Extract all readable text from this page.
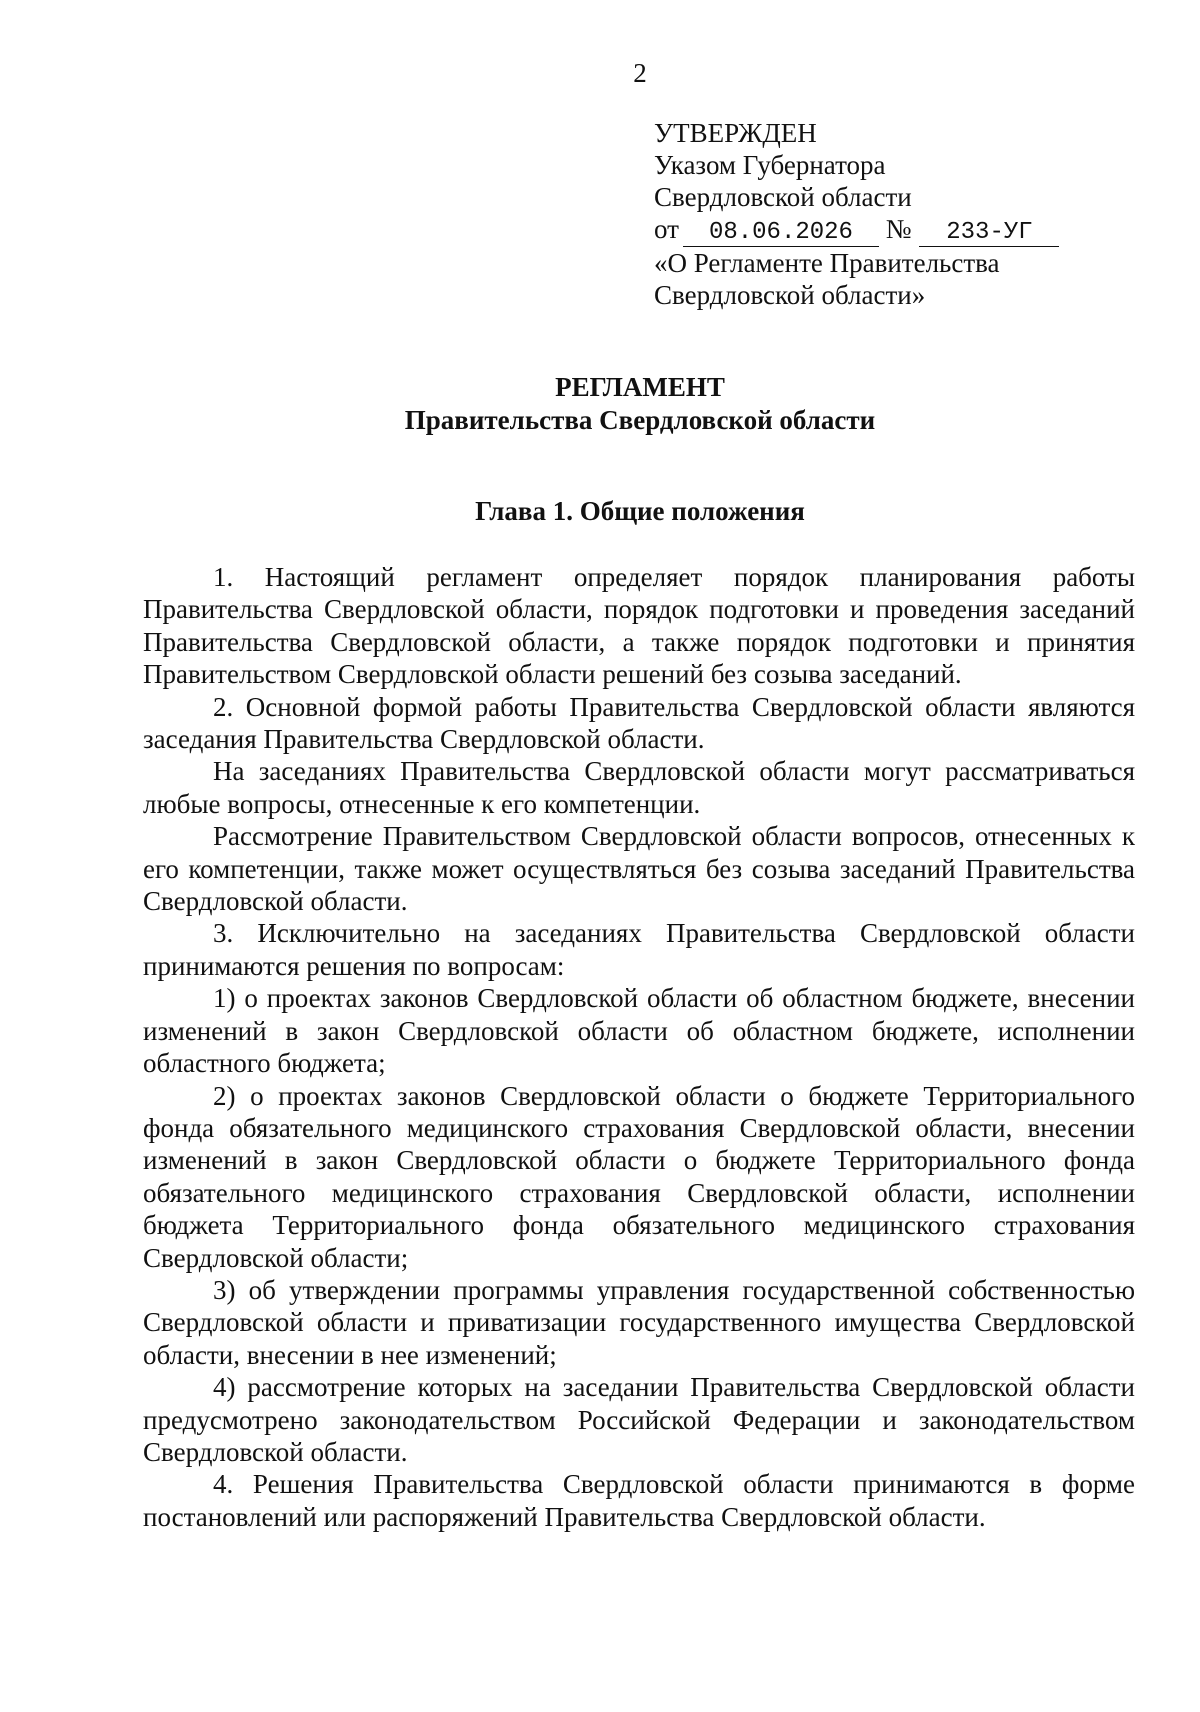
2
УТВЕРЖДЕН
Указом Губернатора
Свердловской области
от 08.06.2026 № 233-УГ
«О Регламенте Правительства
Свердловской области»
РЕГЛАМЕНТ
Правительства Свердловской области
Глава 1. Общие положения

1. Настоящий регламент определяет порядок планирования работы Правительства Свердловской области, порядок подготовки и проведения заседаний Правительства Свердловской области, а также порядок подготовки и принятия Правительством Свердловской области решений без созыва заседаний.

2. Основной формой работы Правительства Свердловской области являются заседания Правительства Свердловской области.

На заседаниях Правительства Свердловской области могут рассматриваться любые вопросы, отнесенные к его компетенции.

Рассмотрение Правительством Свердловской области вопросов, отнесенных к его компетенции, также может осуществляться без созыва заседаний Правительства Свердловской области.

3. Исключительно на заседаниях Правительства Свердловской области принимаются решения по вопросам:

1) о проектах законов Свердловской области об областном бюджете, внесении изменений в закон Свердловской области об областном бюджете, исполнении областного бюджета;

2) о проектах законов Свердловской области о бюджете Территориального фонда обязательного медицинского страхования Свердловской области, внесении изменений в закон Свердловской области о бюджете Территориального фонда обязательного медицинского страхования Свердловской области, исполнении бюджета Территориального фонда обязательного медицинского страхования Свердловской области;

3) об утверждении программы управления государственной собственностью Свердловской области и приватизации государственного имущества Свердловской области, внесении в нее изменений;

4) рассмотрение которых на заседании Правительства Свердловской области предусмотрено законодательством Российской Федерации и законодательством Свердловской области.

4. Решения Правительства Свердловской области принимаются в форме постановлений или распоряжений Правительства Свердловской области.
